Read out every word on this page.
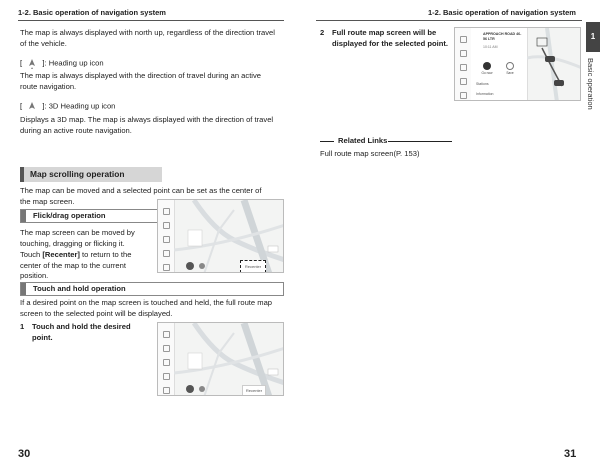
1-2. Basic operation of navigation system
The map is always displayed with north up, regardless of the direction travel of the vehicle.
[
▲
]: Heading up icon
The map is always displayed with the direction of travel during an active route navigation.
[	]: 3D Heading up icon
Displays a 3D map. The map is always displayed with the direction of travel during an active route navigation.
Map scrolling operation
The map can be moved and a selected point can be set as the center of the map screen.
Flick/drag operation
The map screen can be moved by touching, dragging or flicking it.
Touch [Recenter] to return to the center of the map to the current position.
Recenter
Touch and hold operation
If a desired point on the map screen is touched and held, the full route map screen to the selected point will be displayed.
1 Touch and hold the desired point.
Recenter
30
1-2. Basic operation of navigation system
2 Full route map screen will be displayed for the selected point.
APPROACH ROAD 46-56 LTR
10:11 AM
Go now	Save
Stations
Information
Related Links
Full route map screen(P. 153)
1
Basic operation
31
